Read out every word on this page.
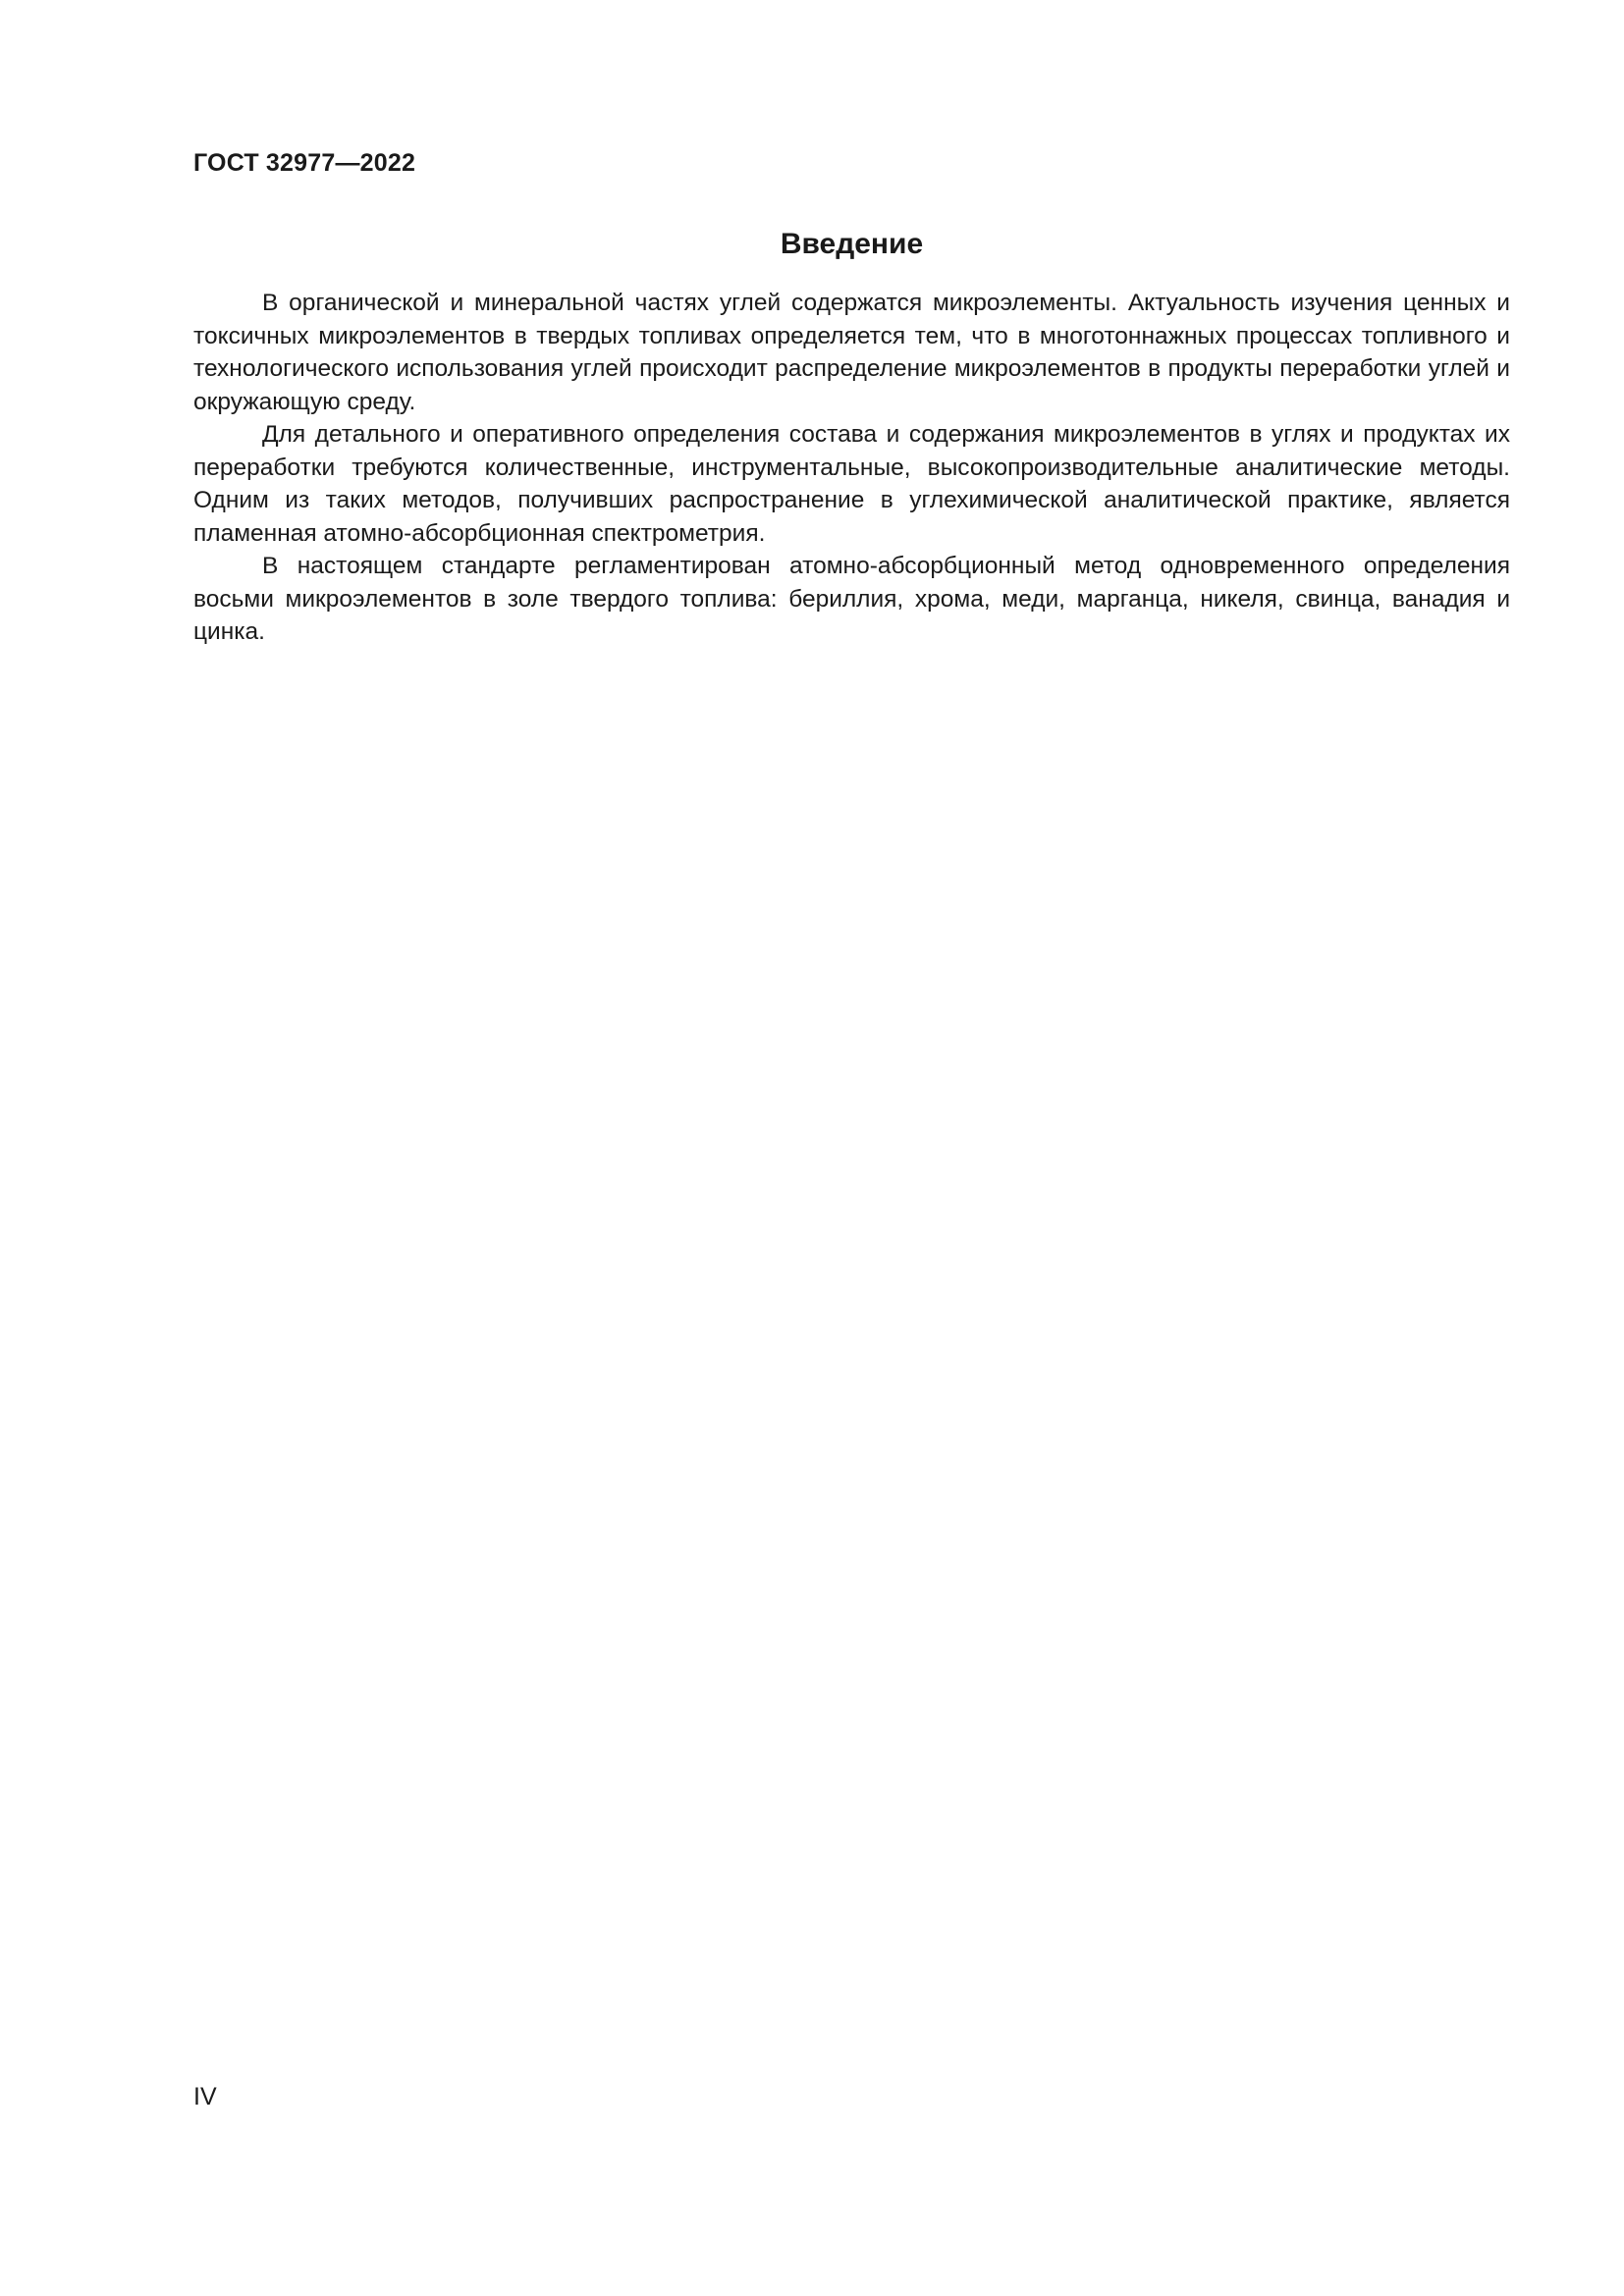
ГОСТ 32977—2022
Введение

В органической и минеральной частях углей содержатся микроэлементы. Актуальность изучения ценных и токсичных микроэлементов в твердых топливах определяется тем, что в многотоннажных процессах топливного и технологического использования углей происходит распределение микроэлементов в продукты переработки углей и окружающую среду.

Для детального и оперативного определения состава и содержания микроэлементов в углях и продуктах их переработки требуются количественные, инструментальные, высокопроизводительные аналитические методы. Одним из таких методов, получивших распространение в углехимической аналитической практике, является пламенная атомно-абсорбционная спектрометрия.

В настоящем стандарте регламентирован атомно-абсорбционный метод одновременного определения восьми микроэлементов в золе твердого топлива: бериллия, хрома, меди, марганца, никеля, свинца, ванадия и цинка.

IV
